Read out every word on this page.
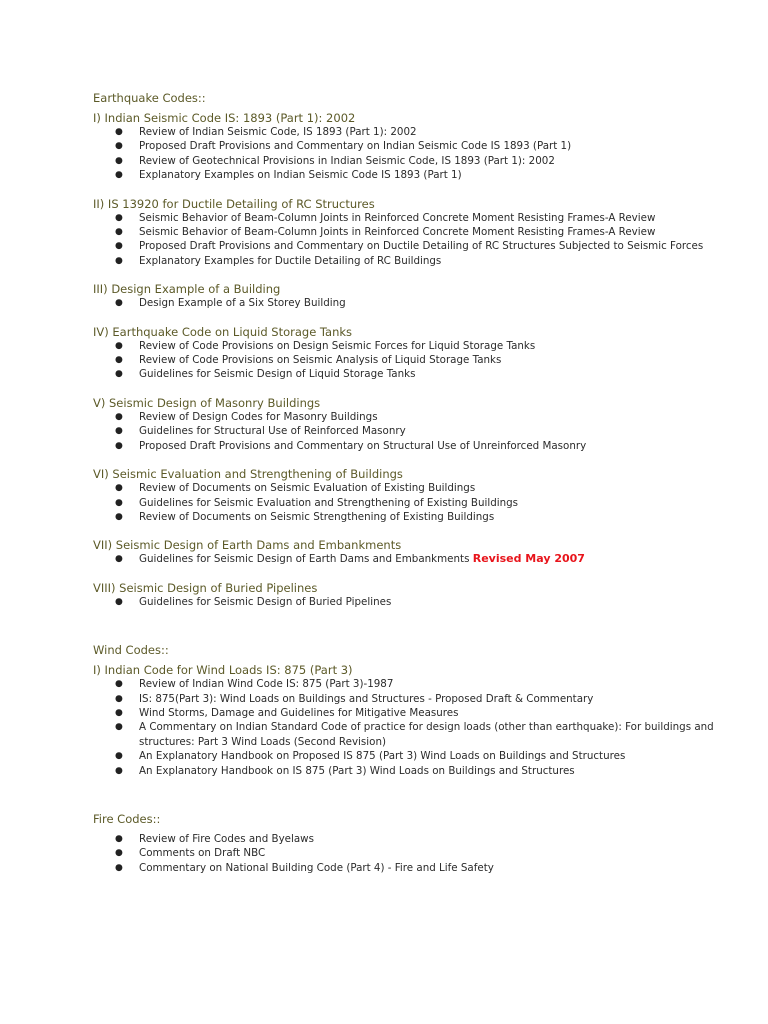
Earthquake Codes::
I) Indian Seismic Code IS: 1893 (Part 1): 2002
● Review of Indian Seismic Code, IS 1893 (Part 1): 2002
● Proposed Draft Provisions and Commentary on Indian Seismic Code IS 1893 (Part 1)
● Review of Geotechnical Provisions in Indian Seismic Code, IS 1893 (Part 1): 2002
● Explanatory Examples on Indian Seismic Code IS 1893 (Part 1)
II) IS 13920 for Ductile Detailing of RC Structures
● Seismic Behavior of Beam-Column Joints in Reinforced Concrete Moment Resisting Frames-A Review
● Seismic Behavior of Beam-Column Joints in Reinforced Concrete Moment Resisting Frames-A Review
● Proposed Draft Provisions and Commentary on Ductile Detailing of RC Structures Subjected to Seismic Forces
● Explanatory Examples for Ductile Detailing of RC Buildings
III) Design Example of a Building
● Design Example of a Six Storey Building
IV) Earthquake Code on Liquid Storage Tanks
● Review of Code Provisions on Design Seismic Forces for Liquid Storage Tanks
● Review of Code Provisions on Seismic Analysis of Liquid Storage Tanks
● Guidelines for Seismic Design of Liquid Storage Tanks
V) Seismic Design of Masonry Buildings
● Review of Design Codes for Masonry Buildings
● Guidelines for Structural Use of Reinforced Masonry
● Proposed Draft Provisions and Commentary on Structural Use of Unreinforced Masonry
VI) Seismic Evaluation and Strengthening of Buildings
● Review of Documents on Seismic Evaluation of Existing Buildings
● Guidelines for Seismic Evaluation and Strengthening of Existing Buildings
● Review of Documents on Seismic Strengthening of Existing Buildings
VII) Seismic Design of Earth Dams and Embankments
● Guidelines for Seismic Design of Earth Dams and Embankments Revised May 2007
VIII) Seismic Design of Buried Pipelines
● Guidelines for Seismic Design of Buried Pipelines
Wind Codes::
I) Indian Code for Wind Loads IS: 875 (Part 3)
● Review of Indian Wind Code IS: 875 (Part 3)-1987
● IS: 875(Part 3): Wind Loads on Buildings and Structures - Proposed Draft & Commentary
● Wind Storms, Damage and Guidelines for Mitigative Measures
● A Commentary on Indian Standard Code of practice for design loads (other than earthquake): For buildings and structures: Part 3 Wind Loads (Second Revision)
● An Explanatory Handbook on Proposed IS 875 (Part 3) Wind Loads on Buildings and Structures
● An Explanatory Handbook on IS 875 (Part 3) Wind Loads on Buildings and Structures
Fire Codes::
● Review of Fire Codes and Byelaws
● Comments on Draft NBC
● Commentary on National Building Code (Part 4) - Fire and Life Safety
